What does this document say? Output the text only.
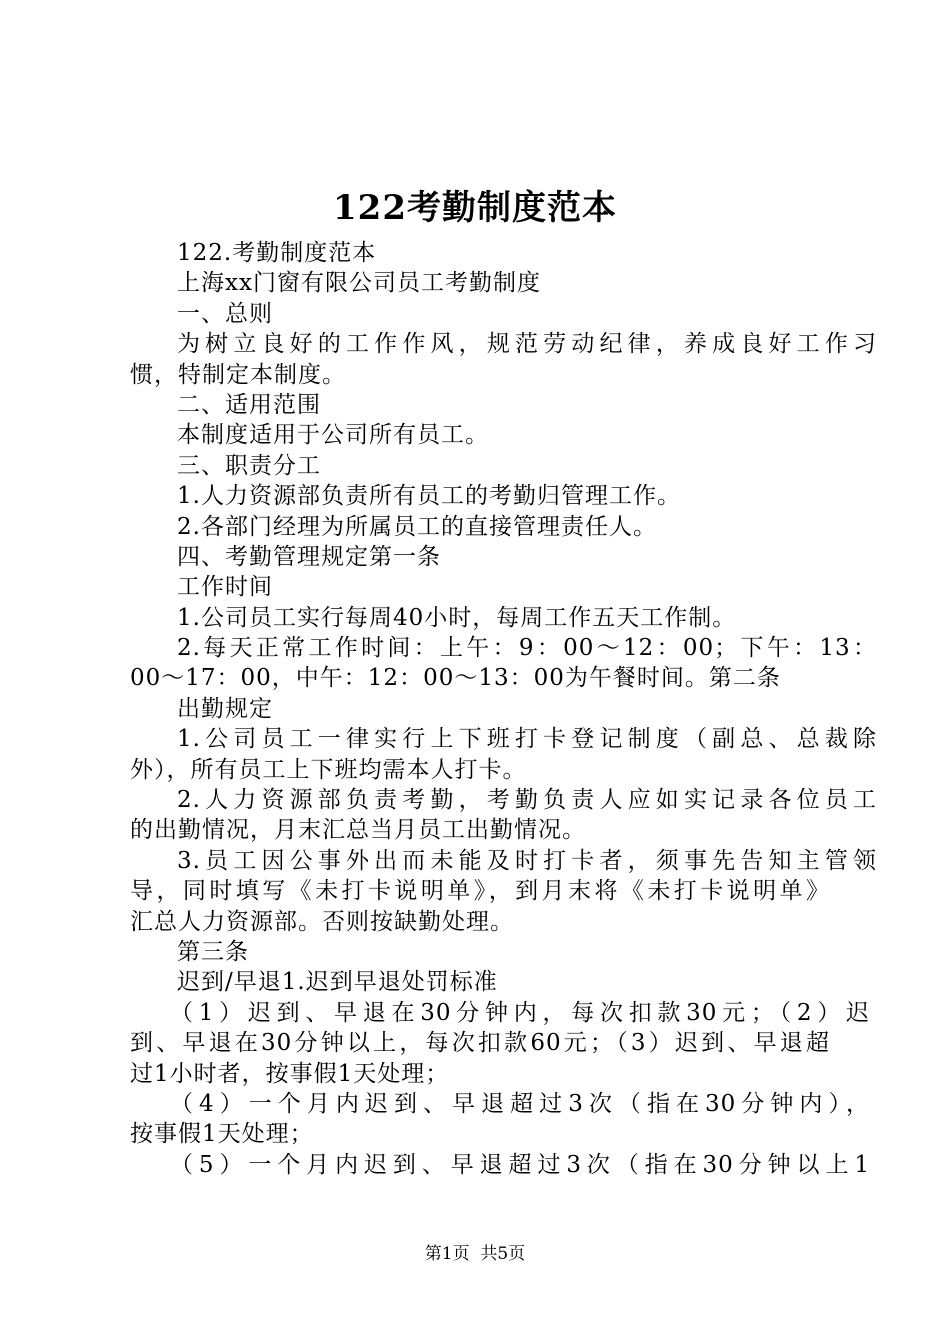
122考勤制度范本
122.考勤制度范本
上海xx门窗有限公司员工考勤制度
一、总则
为树立良好的工作作风，规范劳动纪律，养成良好工作习
惯，特制定本制度。
二、适用范围
本制度适用于公司所有员工。
三、职责分工
1.人力资源部负责所有员工的考勤归管理工作。
2.各部门经理为所属员工的直接管理责任人。
四、考勤管理规定第一条
工作时间
1.公司员工实行每周40小时，每周工作五天工作制。
2.每天正常工作时间：上午：9：00～12：00；下午：13：
00～17：00，中午：12：00～13：00为午餐时间。第二条
出勤规定
1.公司员工一律实行上下班打卡登记制度（副总、总裁除
外），所有员工上下班均需本人打卡。
2.人力资源部负责考勤，考勤负责人应如实记录各位员工
的出勤情况，月末汇总当月员工出勤情况。
3.员工因公事外出而未能及时打卡者，须事先告知主管领
导，同时填写《未打卡说明单》，到月末将《未打卡说明单》
汇总人力资源部。否则按缺勤处理。
第三条
迟到/早退1.迟到早退处罚标准
（1）迟到、早退在30分钟内，每次扣款30元；（2）迟
到、早退在30分钟以上，每次扣款60元；（3）迟到、早退超
过1小时者，按事假1天处理；
（4）一个月内迟到、早退超过3次（指在30分钟内），
按事假1天处理；
（5）一个月内迟到、早退超过3次（指在30分钟以上1
第1页 共5页
